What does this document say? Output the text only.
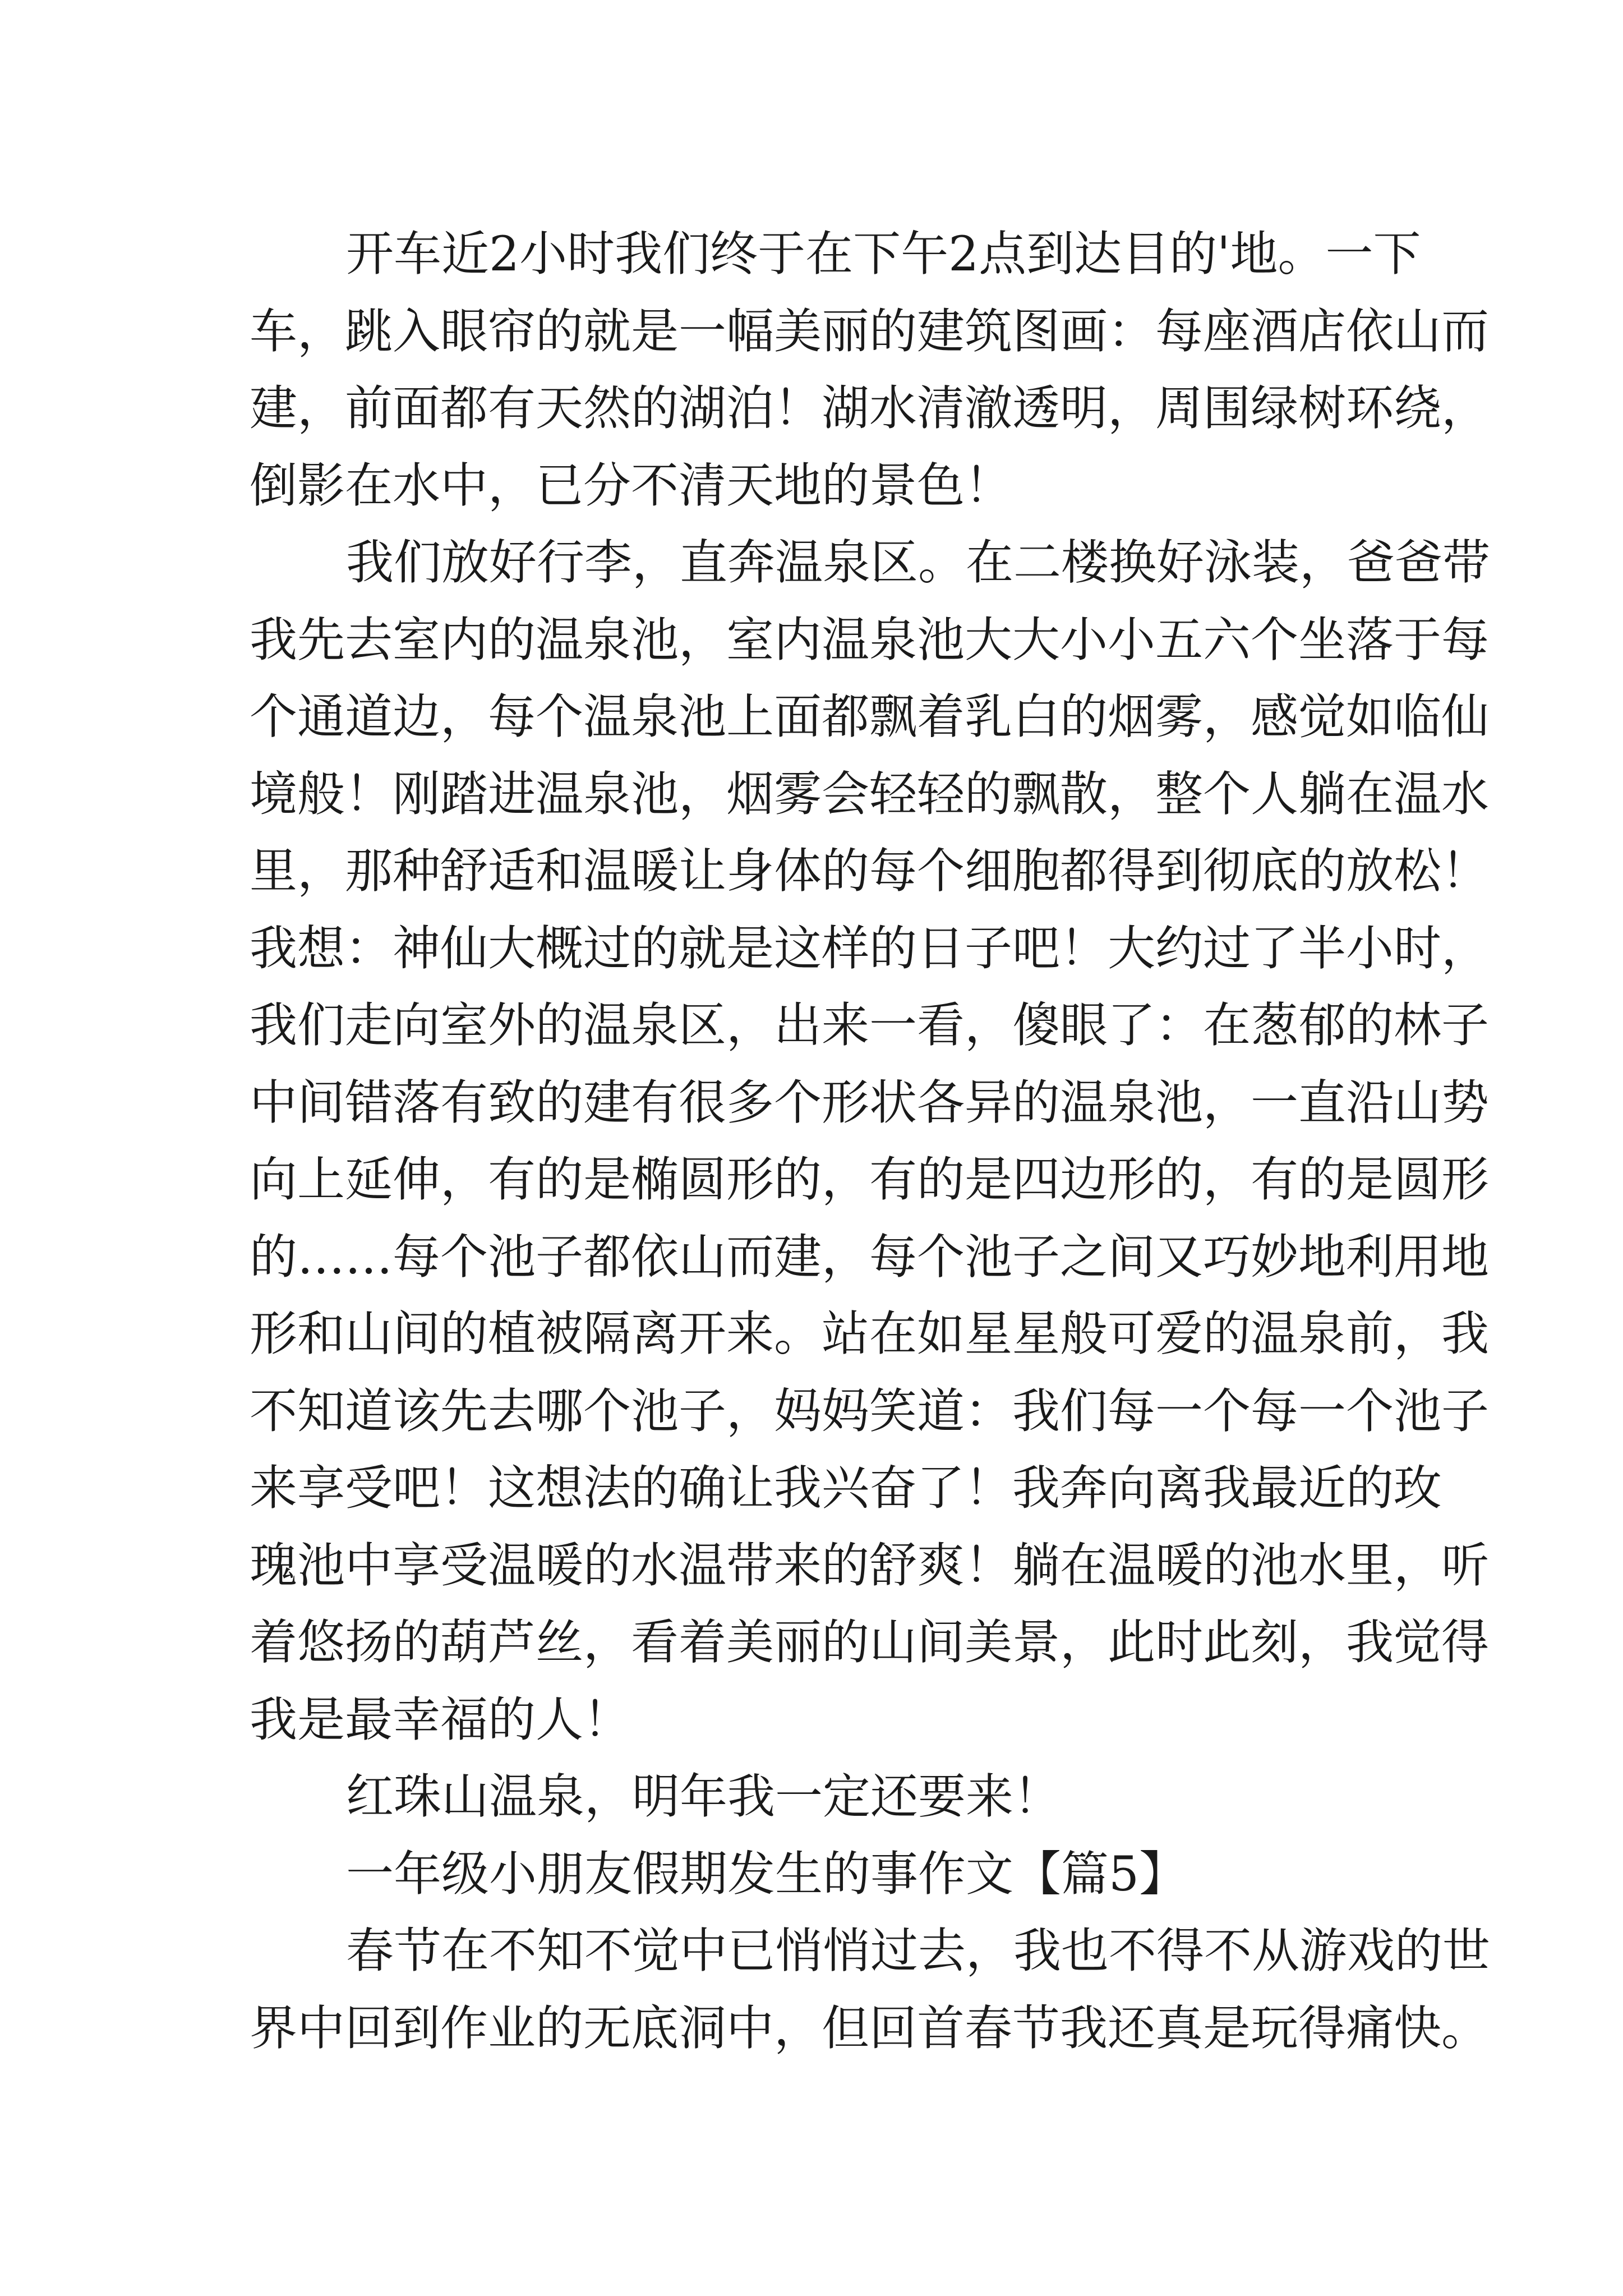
开车近2小时我们终于在下午2点到达目的'地。一下
车，跳入眼帘的就是一幅美丽的建筑图画：每座酒店依山而
建，前面都有天然的湖泊！湖水清澈透明，周围绿树环绕，
倒影在水中，已分不清天地的景色！
我们放好行李，直奔温泉区。在二楼换好泳装，爸爸带
我先去室内的温泉池，室内温泉池大大小小五六个坐落于每
个通道边，每个温泉池上面都飘着乳白的烟雾，感觉如临仙
境般！刚踏进温泉池，烟雾会轻轻的飘散，整个人躺在温水
里，那种舒适和温暖让身体的每个细胞都得到彻底的放松！
我想：神仙大概过的就是这样的日子吧！大约过了半小时，
我们走向室外的温泉区，出来一看，傻眼了：在葱郁的林子
中间错落有致的建有很多个形状各异的温泉池，一直沿山势
向上延伸，有的是椭圆形的，有的是四边形的，有的是圆形
的……每个池子都依山而建，每个池子之间又巧妙地利用地
形和山间的植被隔离开来。站在如星星般可爱的温泉前，我
不知道该先去哪个池子，妈妈笑道：我们每一个每一个池子
来享受吧！这想法的确让我兴奋了！我奔向离我最近的玫
瑰池中享受温暖的水温带来的舒爽！躺在温暖的池水里，听
着悠扬的葫芦丝，看着美丽的山间美景，此时此刻，我觉得
我是最幸福的人！
红珠山温泉，明年我一定还要来！
一年级小朋友假期发生的事作文【篇5】
春节在不知不觉中已悄悄过去，我也不得不从游戏的世
界中回到作业的无底洞中，但回首春节我还真是玩得痛快。
